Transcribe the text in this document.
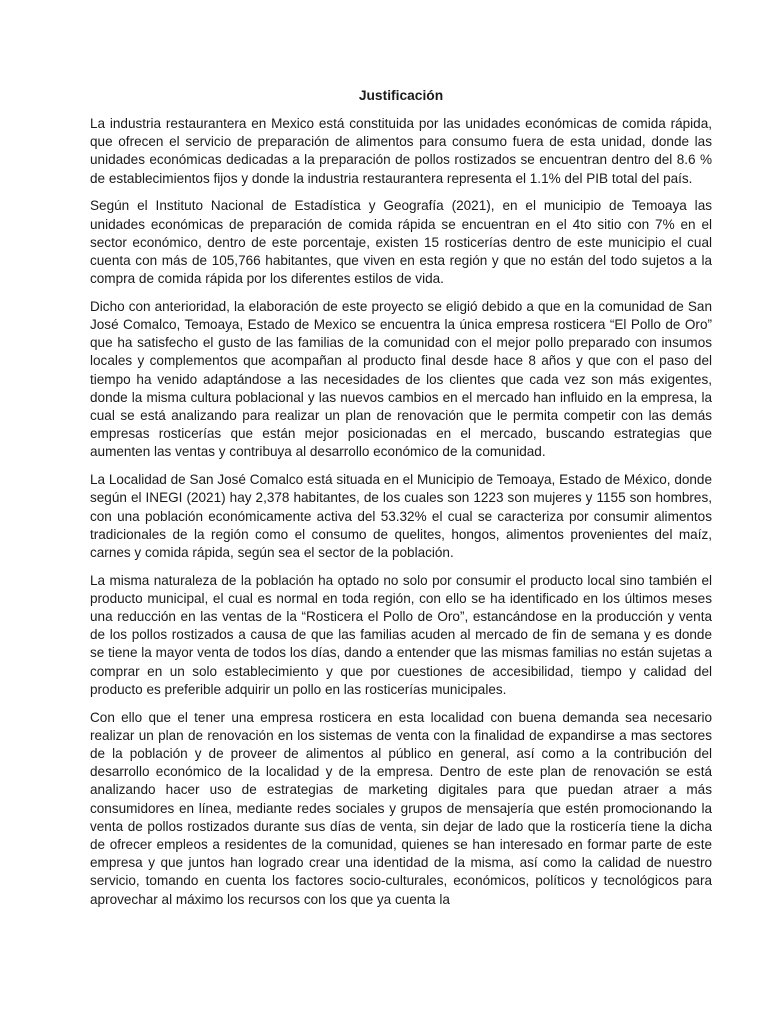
Justificación

La industria restaurantera en Mexico está constituida por las unidades económicas de comida rápida, que ofrecen el servicio de preparación de alimentos para consumo fuera de esta unidad, donde las unidades económicas dedicadas a la preparación de pollos rostizados se encuentran dentro del 8.6 % de establecimientos fijos y donde la industria restaurantera representa el 1.1% del PIB total del país.

Según el Instituto Nacional de Estadística y Geografía (2021), en el municipio de Temoaya las unidades económicas de preparación de comida rápida se encuentran en el 4to sitio con 7% en el sector económico, dentro de este porcentaje, existen 15 rosticerías dentro de este municipio el cual cuenta con más de 105,766 habitantes, que viven en esta región y que no están del todo sujetos a la compra de comida rápida por los diferentes estilos de vida.

Dicho con anterioridad, la elaboración de este proyecto se eligió debido a que en la comunidad de San José Comalco, Temoaya, Estado de Mexico se encuentra la única empresa rosticera “El Pollo de Oro” que ha satisfecho el gusto de las familias de la comunidad con el mejor pollo preparado con insumos locales y complementos que acompañan al producto final desde hace 8 años y que con el paso del tiempo ha venido adaptándose a las necesidades de los clientes que cada vez son más exigentes, donde la misma cultura poblacional y las nuevos cambios en el mercado han influido en la empresa, la cual se está analizando para realizar un plan de renovación que le permita competir con las demás empresas rosticerías que están mejor posicionadas en el mercado, buscando estrategias que aumenten las ventas y contribuya al desarrollo económico de la comunidad.

La Localidad de San José Comalco está situada en el Municipio de Temoaya, Estado de México, donde según el INEGI (2021) hay 2,378 habitantes, de los cuales son 1223 son mujeres y 1155 son hombres, con una población económicamente activa del 53.32% el cual se caracteriza por consumir alimentos tradicionales de la región como el consumo de quelites, hongos, alimentos provenientes del maíz, carnes y comida rápida, según sea el sector de la población.

La misma naturaleza de la población ha optado no solo por consumir el producto local sino también el producto municipal, el cual es normal en toda región, con ello se ha identificado en los últimos meses una reducción en las ventas de la “Rosticera el Pollo de Oro”, estancándose en la producción y venta de los pollos rostizados a causa de que las familias acuden al mercado de fin de semana y es donde se tiene la mayor venta de todos los días, dando a entender que las mismas familias no están sujetas a comprar en un solo establecimiento y que por cuestiones de accesibilidad, tiempo y calidad del producto es preferible adquirir un pollo en las rosticerías municipales.

Con ello que el tener una empresa rosticera en esta localidad con buena demanda sea necesario realizar un plan de renovación en los sistemas de venta con la finalidad de expandirse a mas sectores de la población y de proveer de alimentos al público en general, así como a la contribución del desarrollo económico de la localidad y de la empresa. Dentro de este plan de renovación se está analizando hacer uso de estrategias de marketing digitales para que puedan atraer a más consumidores en línea, mediante redes sociales y grupos de mensajería que estén promocionando la venta de pollos rostizados durante sus días de venta, sin dejar de lado que la rosticería tiene la dicha de ofrecer empleos a residentes de la comunidad, quienes se han interesado en formar parte de este empresa y que juntos han logrado crear una identidad de la misma, así como la calidad de nuestro servicio, tomando en cuenta los factores socio-culturales, económicos, políticos y tecnológicos para aprovechar al máximo los recursos con los que ya cuenta la
